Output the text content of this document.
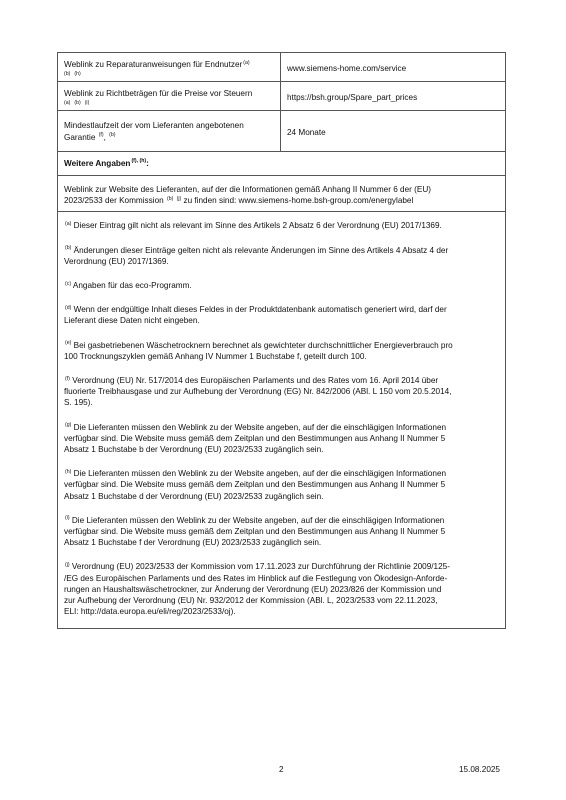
Weblink zu Reparaturanweisungen für Endnutzer$^{(a)}$
(b) (h)
www.siemens-home.com/service
Weblink zu Richtbeträgen für die Preise vor Steuern
(a) (b) (i)
https://bsh.group/Spare_part_prices
Mindestlaufzeit der vom Lieferanten angebotenen
Garantie $^{(f)}$, $^{(b)}$	24 Monate
Weitere Angaben$^{(f), (h)}$:
Weblink zur Website des Lieferanten, auf der die Informationen gemäß Anhang II Nummer 6 der (EU)
2023/2533 der Kommission $^{(b)}$ $^{(j)}$ zu finden sind: www.siemens-home.bsh-group.com/energylabel
$^{(a)}$ Dieser Eintrag gilt nicht als relevant im Sinne des Artikels 2 Absatz 6 der Verordnung (EU) 2017/1369.
$^{(b)}$ Änderungen dieser Einträge gelten nicht als relevante Änderungen im Sinne des Artikels 4 Absatz 4 der
Verordnung (EU) 2017/1369.
$^{(c)}$ Angaben für das eco-Programm.
$^{(d)}$ Wenn der endgültige Inhalt dieses Feldes in der Produktdatenbank automatisch generiert wird, darf der
Lieferant diese Daten nicht eingeben.
$^{(e)}$ Bei gasbetriebenen Wäschetrocknern berechnet als gewichteter durchschnittlicher Energieverbrauch pro
100 Trocknungszyklen gemäß Anhang IV Nummer 1 Buchstabe f, geteilt durch 100.
$^{(f)}$ Verordnung (EU) Nr. 517/2014 des Europäischen Parlaments und des Rates vom 16. April 2014 über
fluorierte Treibhausgase und zur Aufhebung der Verordnung (EG) Nr. 842/2006 (ABl. L 150 vom 20.5.2014,
S. 195).
$^{(g)}$ Die Lieferanten müssen den Weblink zu der Website angeben, auf der die einschlägigen Informationen
verfügbar sind. Die Website muss gemäß dem Zeitplan und den Bestimmungen aus Anhang II Nummer 5
Absatz 1 Buchstabe b der Verordnung (EU) 2023/2533 zugänglich sein.
$^{(h)}$ Die Lieferanten müssen den Weblink zu der Website angeben, auf der die einschlägigen Informationen
verfügbar sind. Die Website muss gemäß dem Zeitplan und den Bestimmungen aus Anhang II Nummer 5
Absatz 1 Buchstabe d der Verordnung (EU) 2023/2533 zugänglich sein.
$^{(i)}$ Die Lieferanten müssen den Weblink zu der Website angeben, auf der die einschlägigen Informationen
verfügbar sind. Die Website muss gemäß dem Zeitplan und den Bestimmungen aus Anhang II Nummer 5
Absatz 1 Buchstabe f der Verordnung (EU) 2023/2533 zugänglich sein.
$^{(j)}$ Verordnung (EU) 2023/2533 der Kommission vom 17.11.2023 zur Durchführung der Richtlinie 2009/125-
/EG des Europäischen Parlaments und des Rates im Hinblick auf die Festlegung von Ökodesign-Anforde-
rungen an Haushaltswäschetrockner, zur Änderung der Verordnung (EU) 2023/826 der Kommission und
zur Aufhebung der Verordnung (EU) Nr. 932/2012 der Kommission (ABl. L, 2023/2533 vom 22.11.2023,
ELI: http://data.europa.eu/eli/reg/2023/2533/oj).
2	15.08.2025
